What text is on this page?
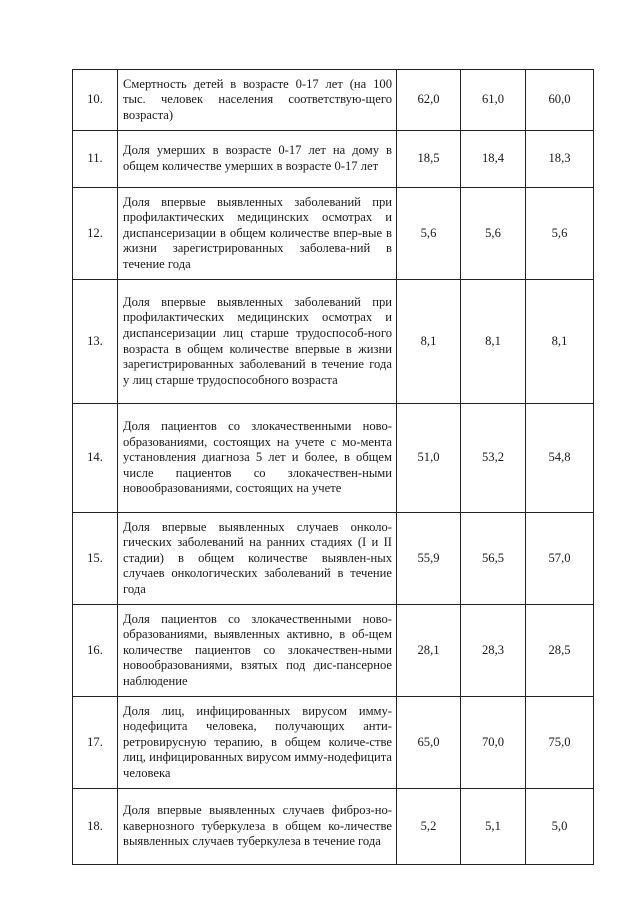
10.	Смертность детей в возрасте 0-17 лет (на 100 тыс. человек населения соответствую-щего возраста)	62,0	61,0	60,0
11.	Доля умерших в возрасте 0-17 лет на дому в общем количестве умерших в возрасте 0-17 лет	18,5	18,4	18,3
12.	Доля впервые выявленных заболеваний при профилактических медицинских осмотрах и диспансеризации в общем количестве впер-вые в жизни зарегистрированных заболева-ний в течение года	5,6	5,6	5,6
13.	Доля впервые выявленных заболеваний при профилактических медицинских осмотрах и диспансеризации лиц старше трудоспособ-ного возраста в общем количестве впервые в жизни зарегистрированных заболеваний в течение года у лиц старше трудоспособного возраста	8,1	8,1	8,1
14.	Доля пациентов со злокачественными ново-образованиями, состоящих на учете с мо-мента установления диагноза 5 лет и более, в общем числе пациентов со злокачествен-ными новообразованиями, состоящих на учете	51,0	53,2	54,8
15.	Доля впервые выявленных случаев онколо-гических заболеваний на ранних стадиях (I и II стадии) в общем количестве выявлен-ных случаев онкологических заболеваний в течение года	55,9	56,5	57,0
16.	Доля пациентов со злокачественными ново-образованиями, выявленных активно, в об-щем количестве пациентов со злокачествен-ными новообразованиями, взятых под дис-пансерное наблюдение	28,1	28,3	28,5
17.	Доля лиц, инфицированных вирусом имму-нодефицита человека, получающих анти-ретровирусную терапию, в общем количе-стве лиц, инфицированных вирусом имму-нодефицита человека	65,0	70,0	75,0
18.	Доля впервые выявленных случаев фиброз-но-кавернозного туберкулеза в общем ко-личестве выявленных случаев туберкулеза в течение года	5,2	5,1	5,0
